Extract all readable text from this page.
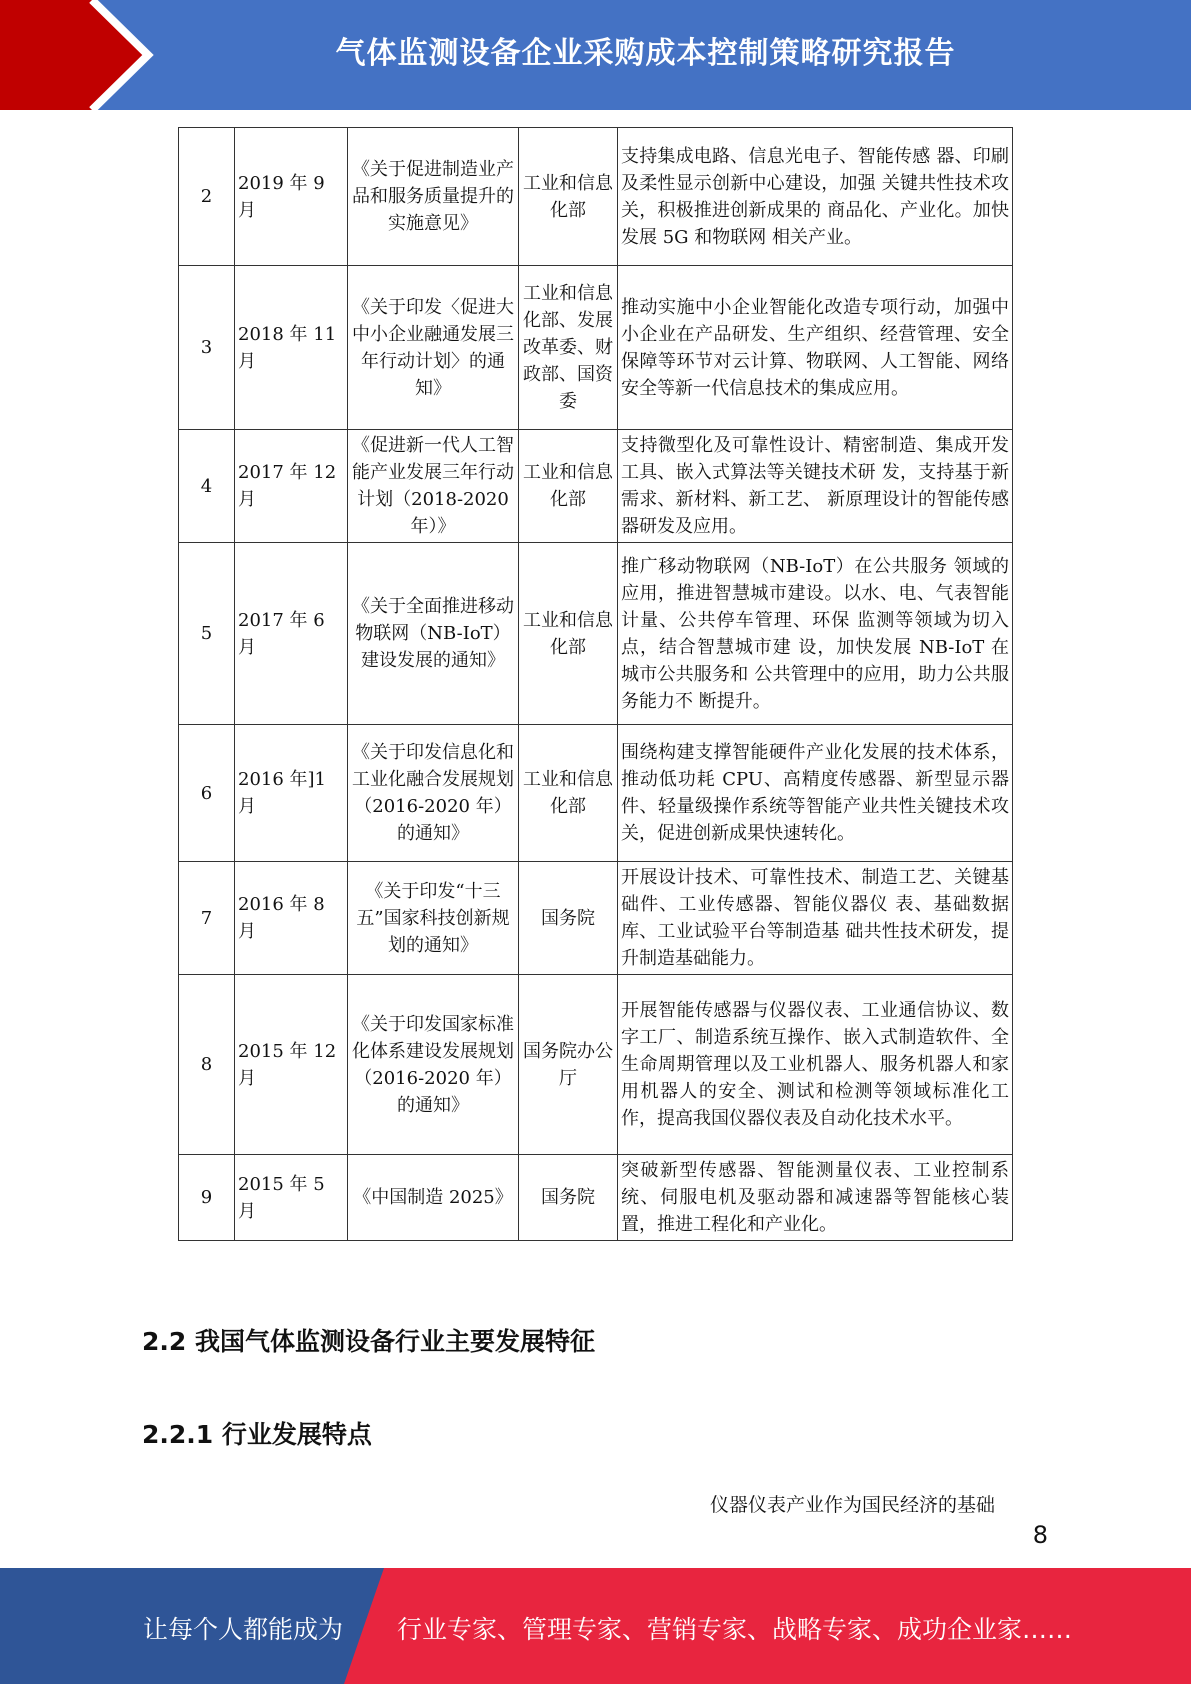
气体监测设备企业采购成本控制策略研究报告
2	2019 年 9 月	《关于促进制造业产品和服务质量提升的实施意见》	工业和信息化部	支持集成电路、信息光电子、智能传感 器、印刷及柔性显示创新中心建设，加强 关键共性技术攻关，积极推进创新成果的 商品化、产业化。加快发展 5G 和物联网 相关产业。
3	2018 年 11 月	《关于印发〈促进大中小企业融通发展三年行动计划〉的通知》	工业和信息化部、发展改革委、财政部、国资委	推动实施中小企业智能化改造专项行动，加强中小企业在产品研发、生产组织、经营管理、安全保障等环节对云计算、物联网、人工智能、网络安全等新一代信息技术的集成应用。
4	2017 年 12 月	《促进新一代人工智能产业发展三年行动计划（2018-2020 年）》	工业和信息化部	支持微型化及可靠性设计、精密制造、集成开发工具、嵌入式算法等关键技术研 发，支持基于新需求、新材料、新工艺、 新原理设计的智能传感器研发及应用。
5	2017 年 6 月	《关于全面推进移动物联网（NB-IoT）建设发展的通知》	工业和信息化部	推广移动物联网（NB-IoT）在公共服务 领域的应用，推进智慧城市建设。以水、电、气表智能计量、公共停车管理、环保 监测等领域为切入点，结合智慧城市建 设，加快发展 NB-IoT 在城市公共服务和 公共管理中的应用，助力公共服务能力不 断提升。
6	2016 年]1 月	《关于印发信息化和工业化融合发展规划（2016-2020 年）的通知》	工业和信息化部	围绕构建支撑智能硬件产业化发展的技术体系，推动低功耗 CPU、高精度传感器、新型显示器件、轻量级操作系统等智能产业共性关键技术攻关，促进创新成果快速转化。
7	2016 年 8 月	《关于印发“十三五”国家科技创新规划的通知》	国务院	开展设计技术、可靠性技术、制造工艺、关键基础件、工业传感器、智能仪器仪 表、基础数据库、工业试验平台等制造基 础共性技术研发，提升制造基础能力。
8	2015 年 12 月	《关于印发国家标准化体系建设发展规划（2016-2020 年）的通知》	国务院办公厅	开展智能传感器与仪器仪表、工业通信协议、数字工厂、制造系统互操作、嵌入式制造软件、全生命周期管理以及工业机器人、服务机器人和家用机器人的安全、测试和检测等领域标准化工作，提高我国仪器仪表及自动化技术水平。
9	2015 年 5 月	《中国制造 2025》	国务院	突破新型传感器、智能测量仪表、工业控制系统、伺服电机及驱动器和减速器等智能核心装置，推进工程化和产业化。
2.2 我国气体监测设备行业主要发展特征
2.2.1 行业发展特点
仪器仪表产业作为国民经济的基础
8
让每个人都能成为 行业专家、管理专家、营销专家、战略专家、成功企业家……
